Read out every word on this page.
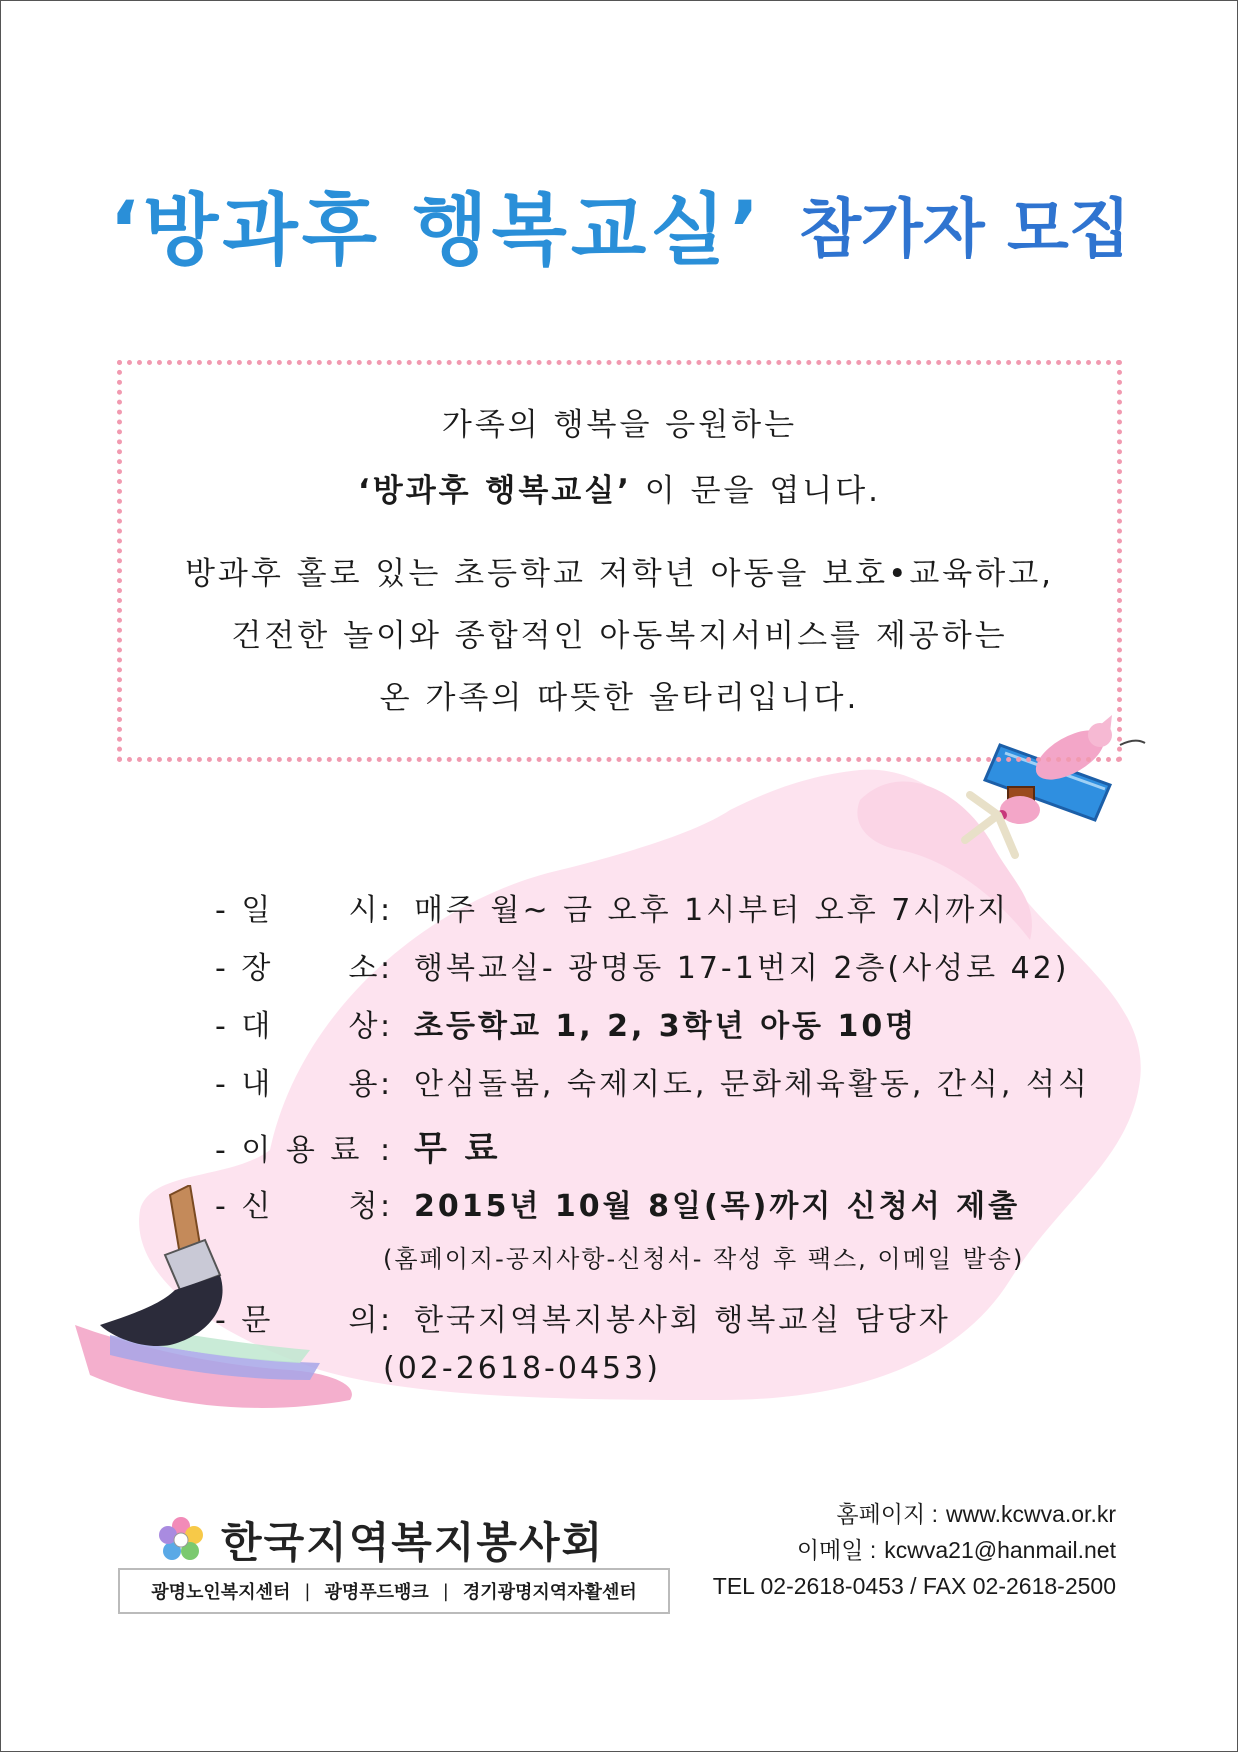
‘방과후 행복교실’ 참가자 모집
가족의 행복을 응원하는
‘방과후 행복교실’ 이 문을 엽니다.
방과후 홀로 있는 초등학교 저학년 아동을 보호•교육하고,
건전한 놀이와 종합적인 아동복지서비스를 제공하는
온 가족의 따뜻한 울타리입니다.
- 일      시: 매주 월~ 금 오후 1시부터 오후 7시까지
- 장      소: 행복교실- 광명동 17-1번지 2층(사성로 42)
- 대      상: 초등학교 1, 2, 3학년 아동 10명
- 내      용: 안심돌봄, 숙제지도, 문화체육활동, 간식, 석식
- 이 용 료 : 무 료
- 신      청: 2015년 10월 8일(목)까지 신청서 제출
(홈페이지-공지사항-신청서- 작성 후 팩스, 이메일 발송)
- 문      의: 한국지역복지봉사회 행복교실 담당자
(02-2618-0453)
한국지역복지봉사회
광명노인복지센터 | 광명푸드뱅크 | 경기광명지역자활센터
홈페이지 : www.kcwva.or.kr
이메일 : kcwva21@hanmail.net
TEL 02-2618-0453 / FAX 02-2618-2500
